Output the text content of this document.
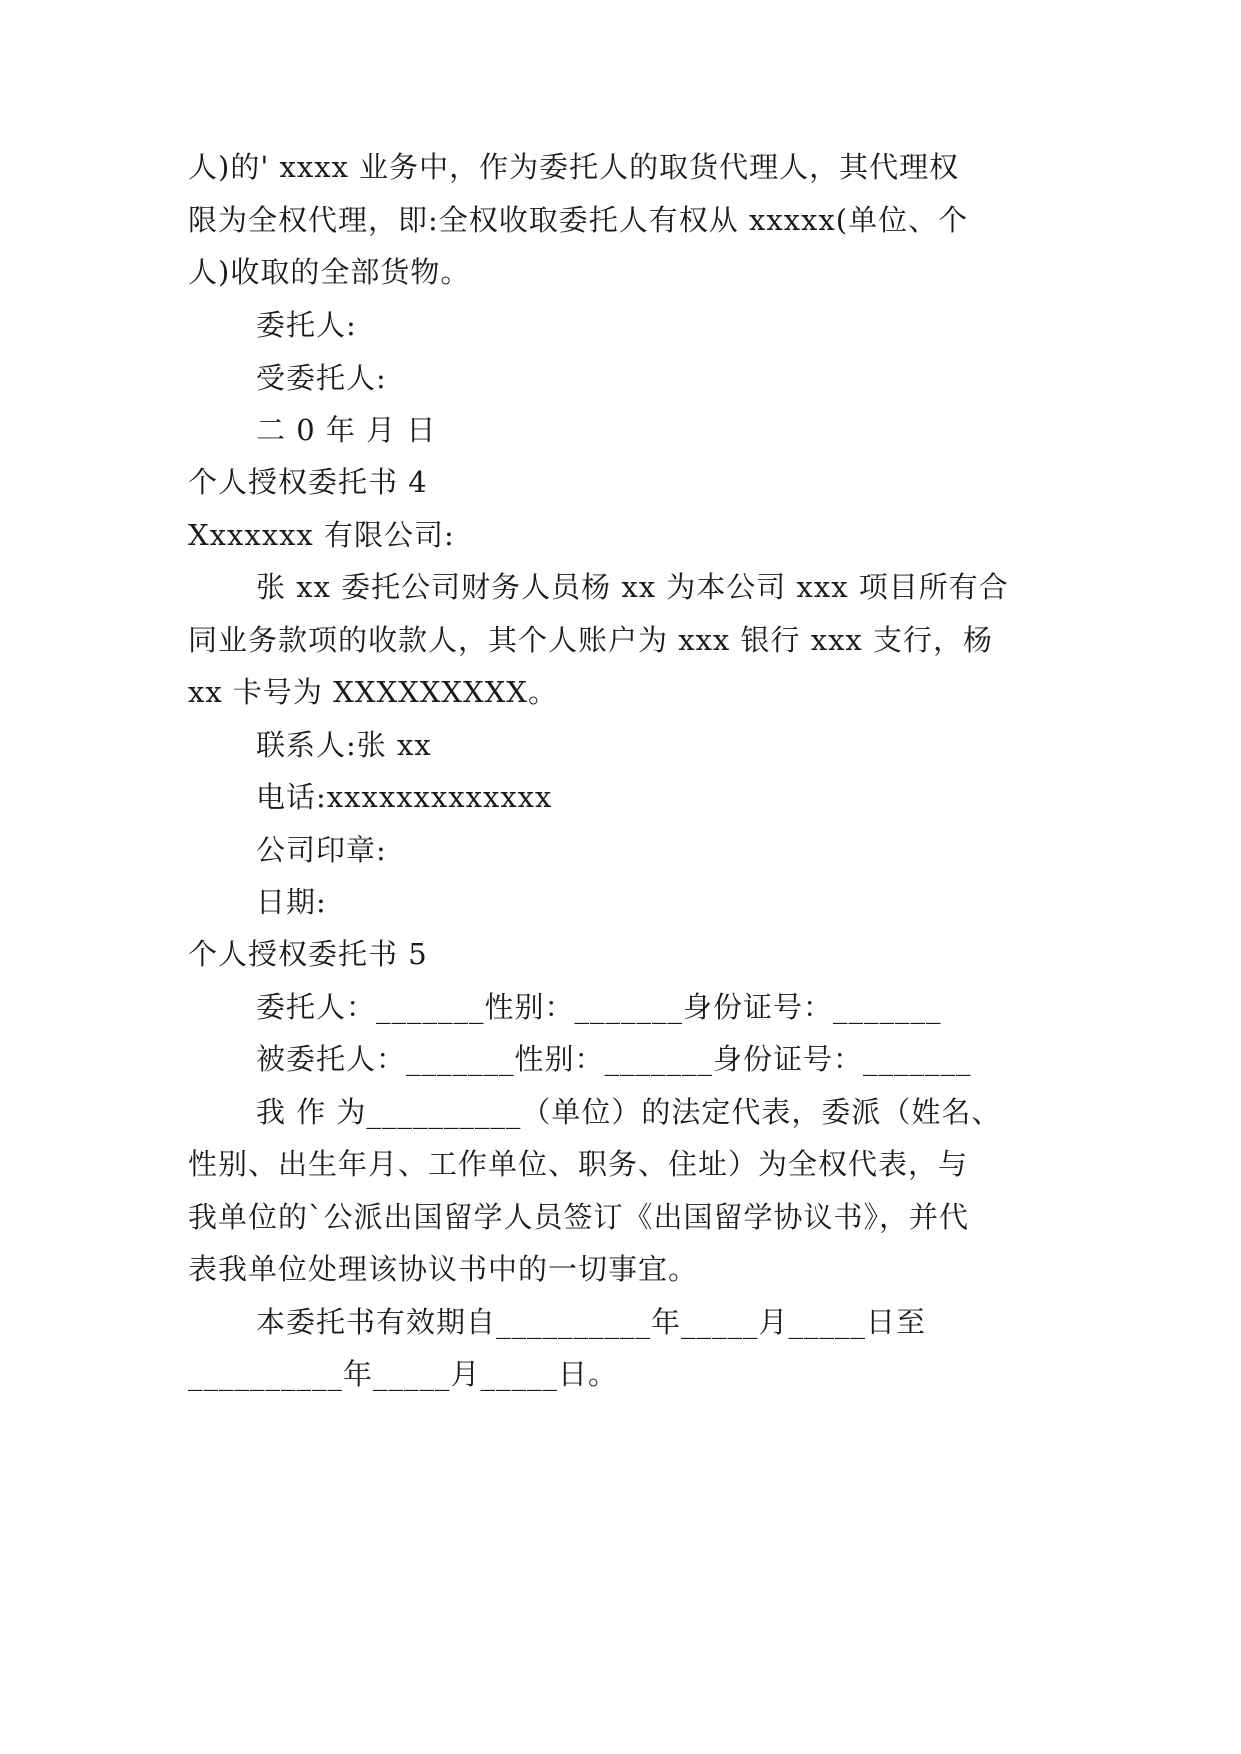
人)的' xxxx 业务中，作为委托人的取货代理人，其代理权
限为全权代理，即:全权收取委托人有权从 xxxxx(单位、个
人)收取的全部货物。
委托人:
受委托人:
二 0 年 月 日
个人授权委托书 4
Xxxxxxx 有限公司:
张 xx 委托公司财务人员杨 xx 为本公司 xxx 项目所有合
同业务款项的收款人，其个人账户为 xxx 银行 xxx 支行，杨
xx 卡号为 XXXXXXXXX。
联系人:张 xx
电话:xxxxxxxxxxxxx
公司印章:
日期:
个人授权委托书 5
委托人：_______性别：_______身份证号：_______
被委托人：_______性别：_______身份证号：_______
我 作 为__________（单位）的法定代表，委派（姓名、
性别、出生年月、工作单位、职务、住址）为全权代表，与
我单位的`公派出国留学人员签订《出国留学协议书》，并代
表我单位处理该协议书中的一切事宜。
本委托书有效期自__________年_____月_____日至
__________年_____月_____日。
